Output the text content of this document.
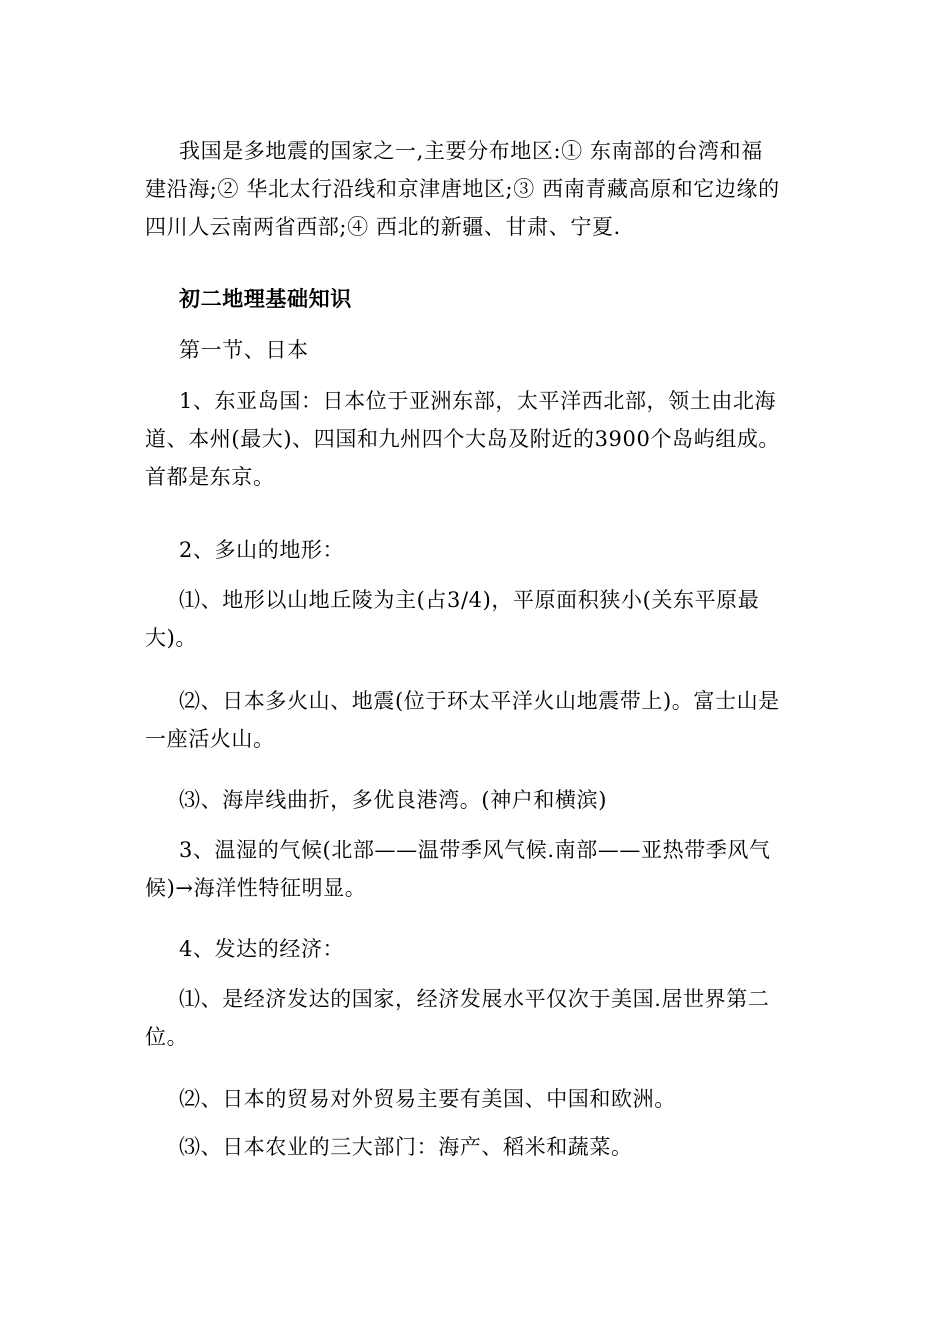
我国是多地震的国家之一,主要分布地区:① 东南部的台湾和福
建沿海;② 华北太行沿线和京津唐地区;③ 西南青藏高原和它边缘的
四川人云南两省西部;④ 西北的新疆、甘肃、宁夏.

初二地理基础知识

第一节、日本

1、东亚岛国：日本位于亚洲东部，太平洋西北部，领土由北海
道、本州(最大)、四国和九州四个大岛及附近的3900个岛屿组成。
首都是东京。

2、多山的地形：

⑴、地形以山地丘陵为主(占3/4)，平原面积狭小(关东平原最
大)。

⑵、日本多火山、地震(位于环太平洋火山地震带上)。富士山是
一座活火山。

⑶、海岸线曲折，多优良港湾。(神户和横滨)

3、温湿的气候(北部——温带季风气候.南部——亚热带季风气
候)→海洋性特征明显。

4、发达的经济：

⑴、是经济发达的国家，经济发展水平仅次于美国.居世界第二
位。

⑵、日本的贸易对外贸易主要有美国、中国和欧洲。

⑶、日本农业的三大部门：海产、稻米和蔬菜。
